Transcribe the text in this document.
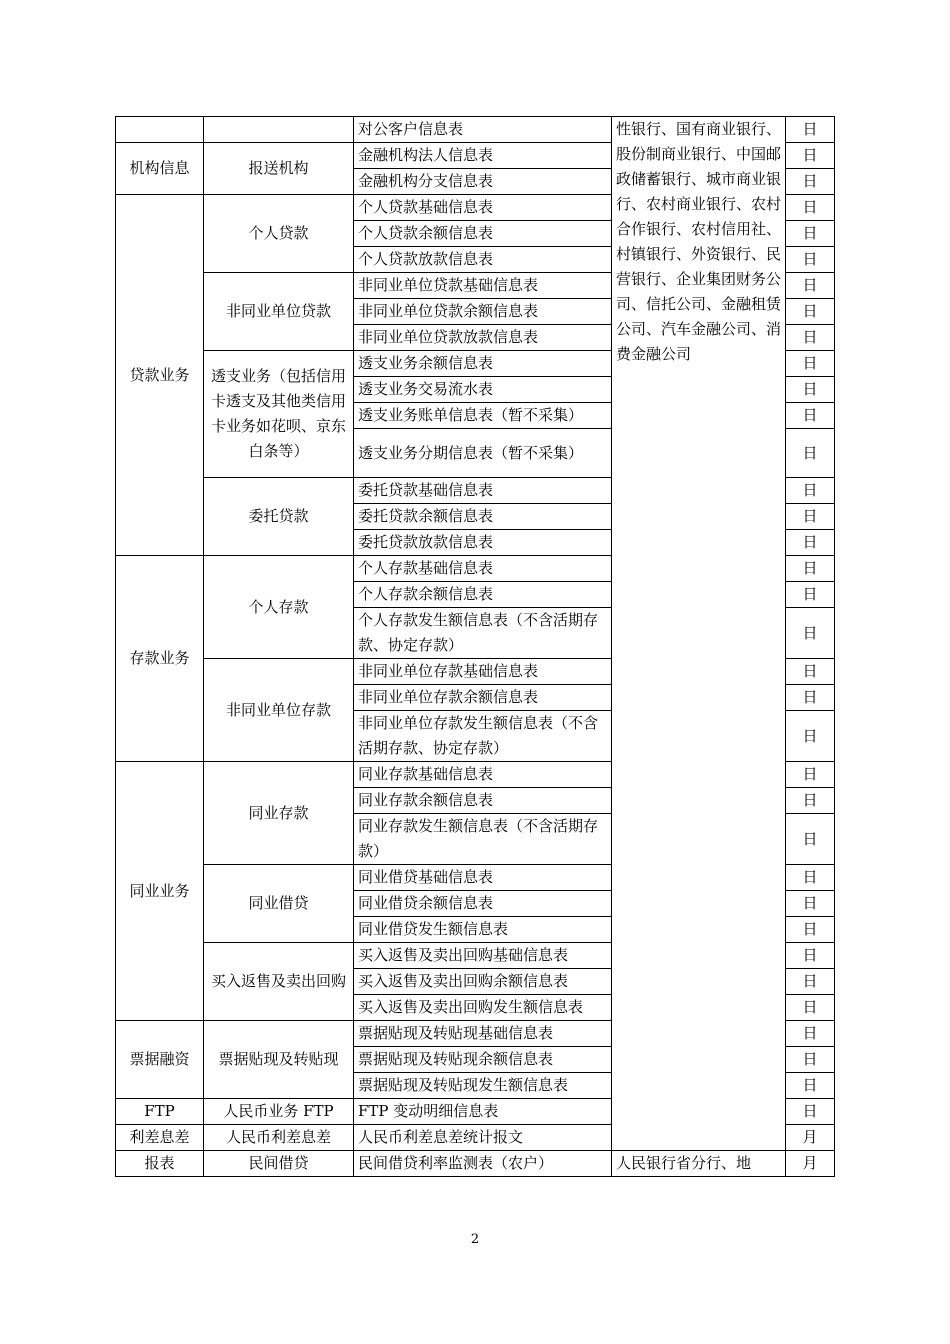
		对公客户信息表	性银行、国有商业银行、股份制商业银行、中国邮政储蓄银行、城市商业银行、农村商业银行、农村合作银行、农村信用社、村镇银行、外资银行、民营银行、企业集团财务公司、信托公司、金融租赁公司、汽车金融公司、消费金融公司	日
机构信息	报送机构	金融机构法人信息表		日
		金融机构分支信息表		日
贷款业务	个人贷款	个人贷款基础信息表		日
		个人贷款余额信息表		日
		个人贷款放款信息表		日
	非同业单位贷款	非同业单位贷款基础信息表		日
		非同业单位贷款余额信息表		日
		非同业单位贷款放款信息表		日
	透支业务（包括信用卡透支及其他类信用卡业务如花呗、京东白条等）	透支业务余额信息表		日
		透支业务交易流水表		日
		透支业务账单信息表（暂不采集）		日
		透支业务分期信息表（暂不采集）		日
	委托贷款	委托贷款基础信息表		日
		委托贷款余额信息表		日
		委托贷款放款信息表		日
存款业务	个人存款	个人存款基础信息表		日
		个人存款余额信息表		日
		个人存款发生额信息表（不含活期存款、协定存款）		日
	非同业单位存款	非同业单位存款基础信息表		日
		非同业单位存款余额信息表		日
		非同业单位存款发生额信息表（不含活期存款、协定存款）		日
同业业务	同业存款	同业存款基础信息表		日
		同业存款余额信息表		日
		同业存款发生额信息表（不含活期存款）		日
	同业借贷	同业借贷基础信息表		日
		同业借贷余额信息表		日
		同业借贷发生额信息表		日
	买入返售及卖出回购	买入返售及卖出回购基础信息表		日
		买入返售及卖出回购余额信息表		日
		买入返售及卖出回购发生额信息表		日
票据融资	票据贴现及转贴现	票据贴现及转贴现基础信息表		日
		票据贴现及转贴现余额信息表		日
		票据贴现及转贴现发生额信息表		日
FTP	人民币业务 FTP	FTP 变动明细信息表		日
利差息差	人民币利差息差	人民币利差息差统计报文		月
报表	民间借贷	民间借贷利率监测表（农户）	人民银行省分行、地	月
2
